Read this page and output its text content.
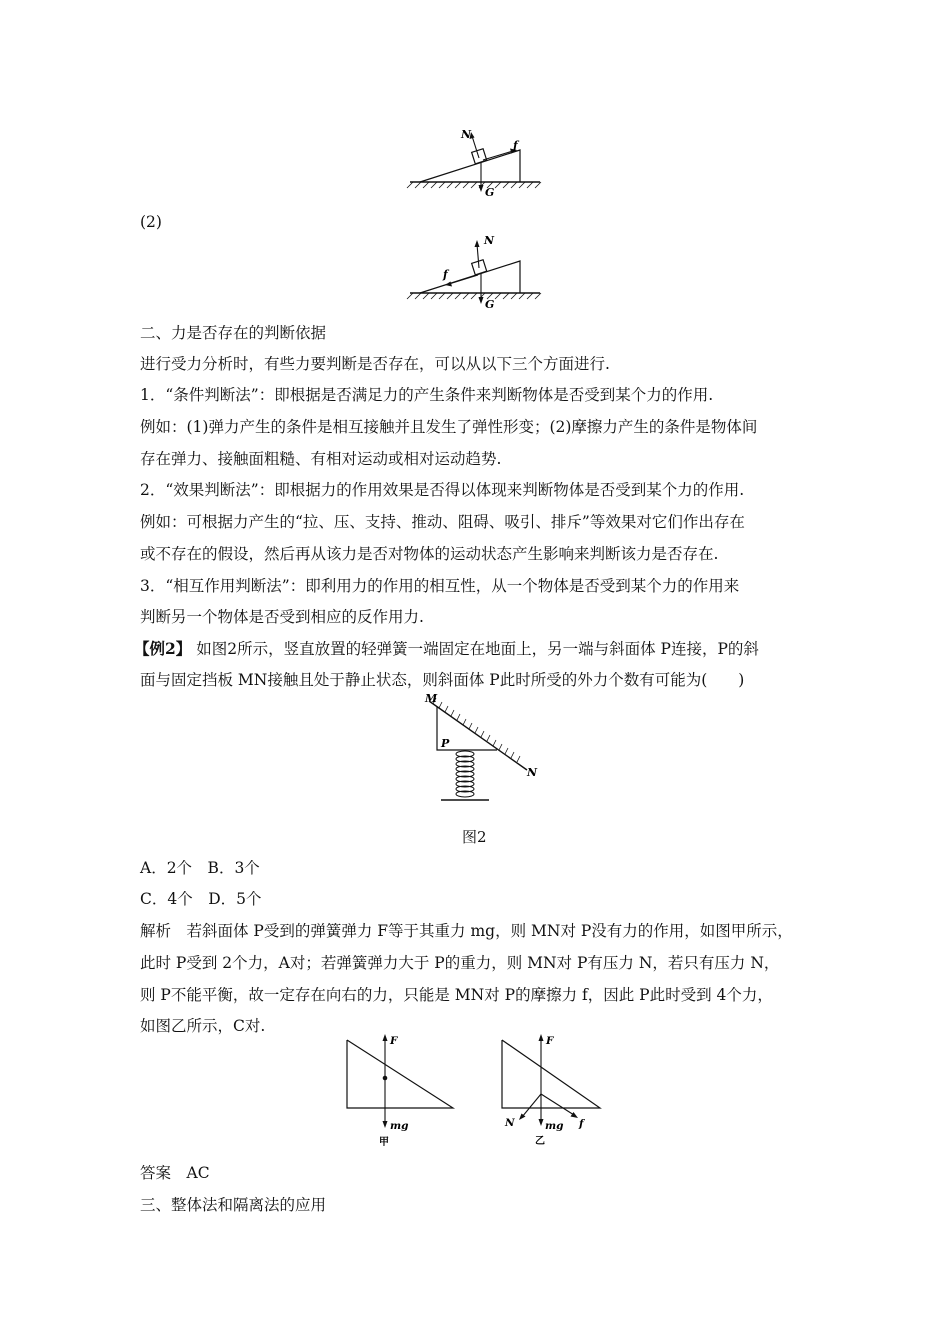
N
f
G
(2)
N
f
G
二、力是否存在的判断依据
进行受力分析时，有些力要判断是否存在，可以从以下三个方面进行.
1．“条件判断法”：即根据是否满足力的产生条件来判断物体是否受到某个力的作用.
例如：(1)弹力产生的条件是相互接触并且发生了弹性形变；(2)摩擦力产生的条件是物体间
存在弹力、接触面粗糙、有相对运动或相对运动趋势.
2．“效果判断法”：即根据力的作用效果是否得以体现来判断物体是否受到某个力的作用.
例如：可根据力产生的“拉、压、支持、推动、阻碍、吸引、排斥”等效果对它们作出存在
或不存在的假设，然后再从该力是否对物体的运动状态产生影响来判断该力是否存在.
3．“相互作用判断法”：即利用力的作用的相互性，从一个物体是否受到某个力的作用来
判断另一个物体是否受到相应的反作用力.
【例2】 如图2所示，竖直放置的轻弹簧一端固定在地面上，另一端与斜面体 P连接，P的斜
面与固定挡板 MN接触且处于静止状态，则斜面体 P此时所受的外力个数有可能为(　　)
M
N
P
图2
A．2个　B．3个
C．4个　D．5个
解析　若斜面体 P受到的弹簧弹力 F等于其重力 mg，则 MN对 P没有力的作用，如图甲所示，
此时 P受到 2个力，A对；若弹簧弹力大于 P的重力，则 MN对 P有压力 N，若只有压力 N，
则 P不能平衡，故一定存在向右的力，只能是 MN对 P的摩擦力 f，因此 P此时受到 4个力，
如图乙所示，C对.
F
mg
甲
F
N	mg f
乙
答案　AC
三、整体法和隔离法的应用
